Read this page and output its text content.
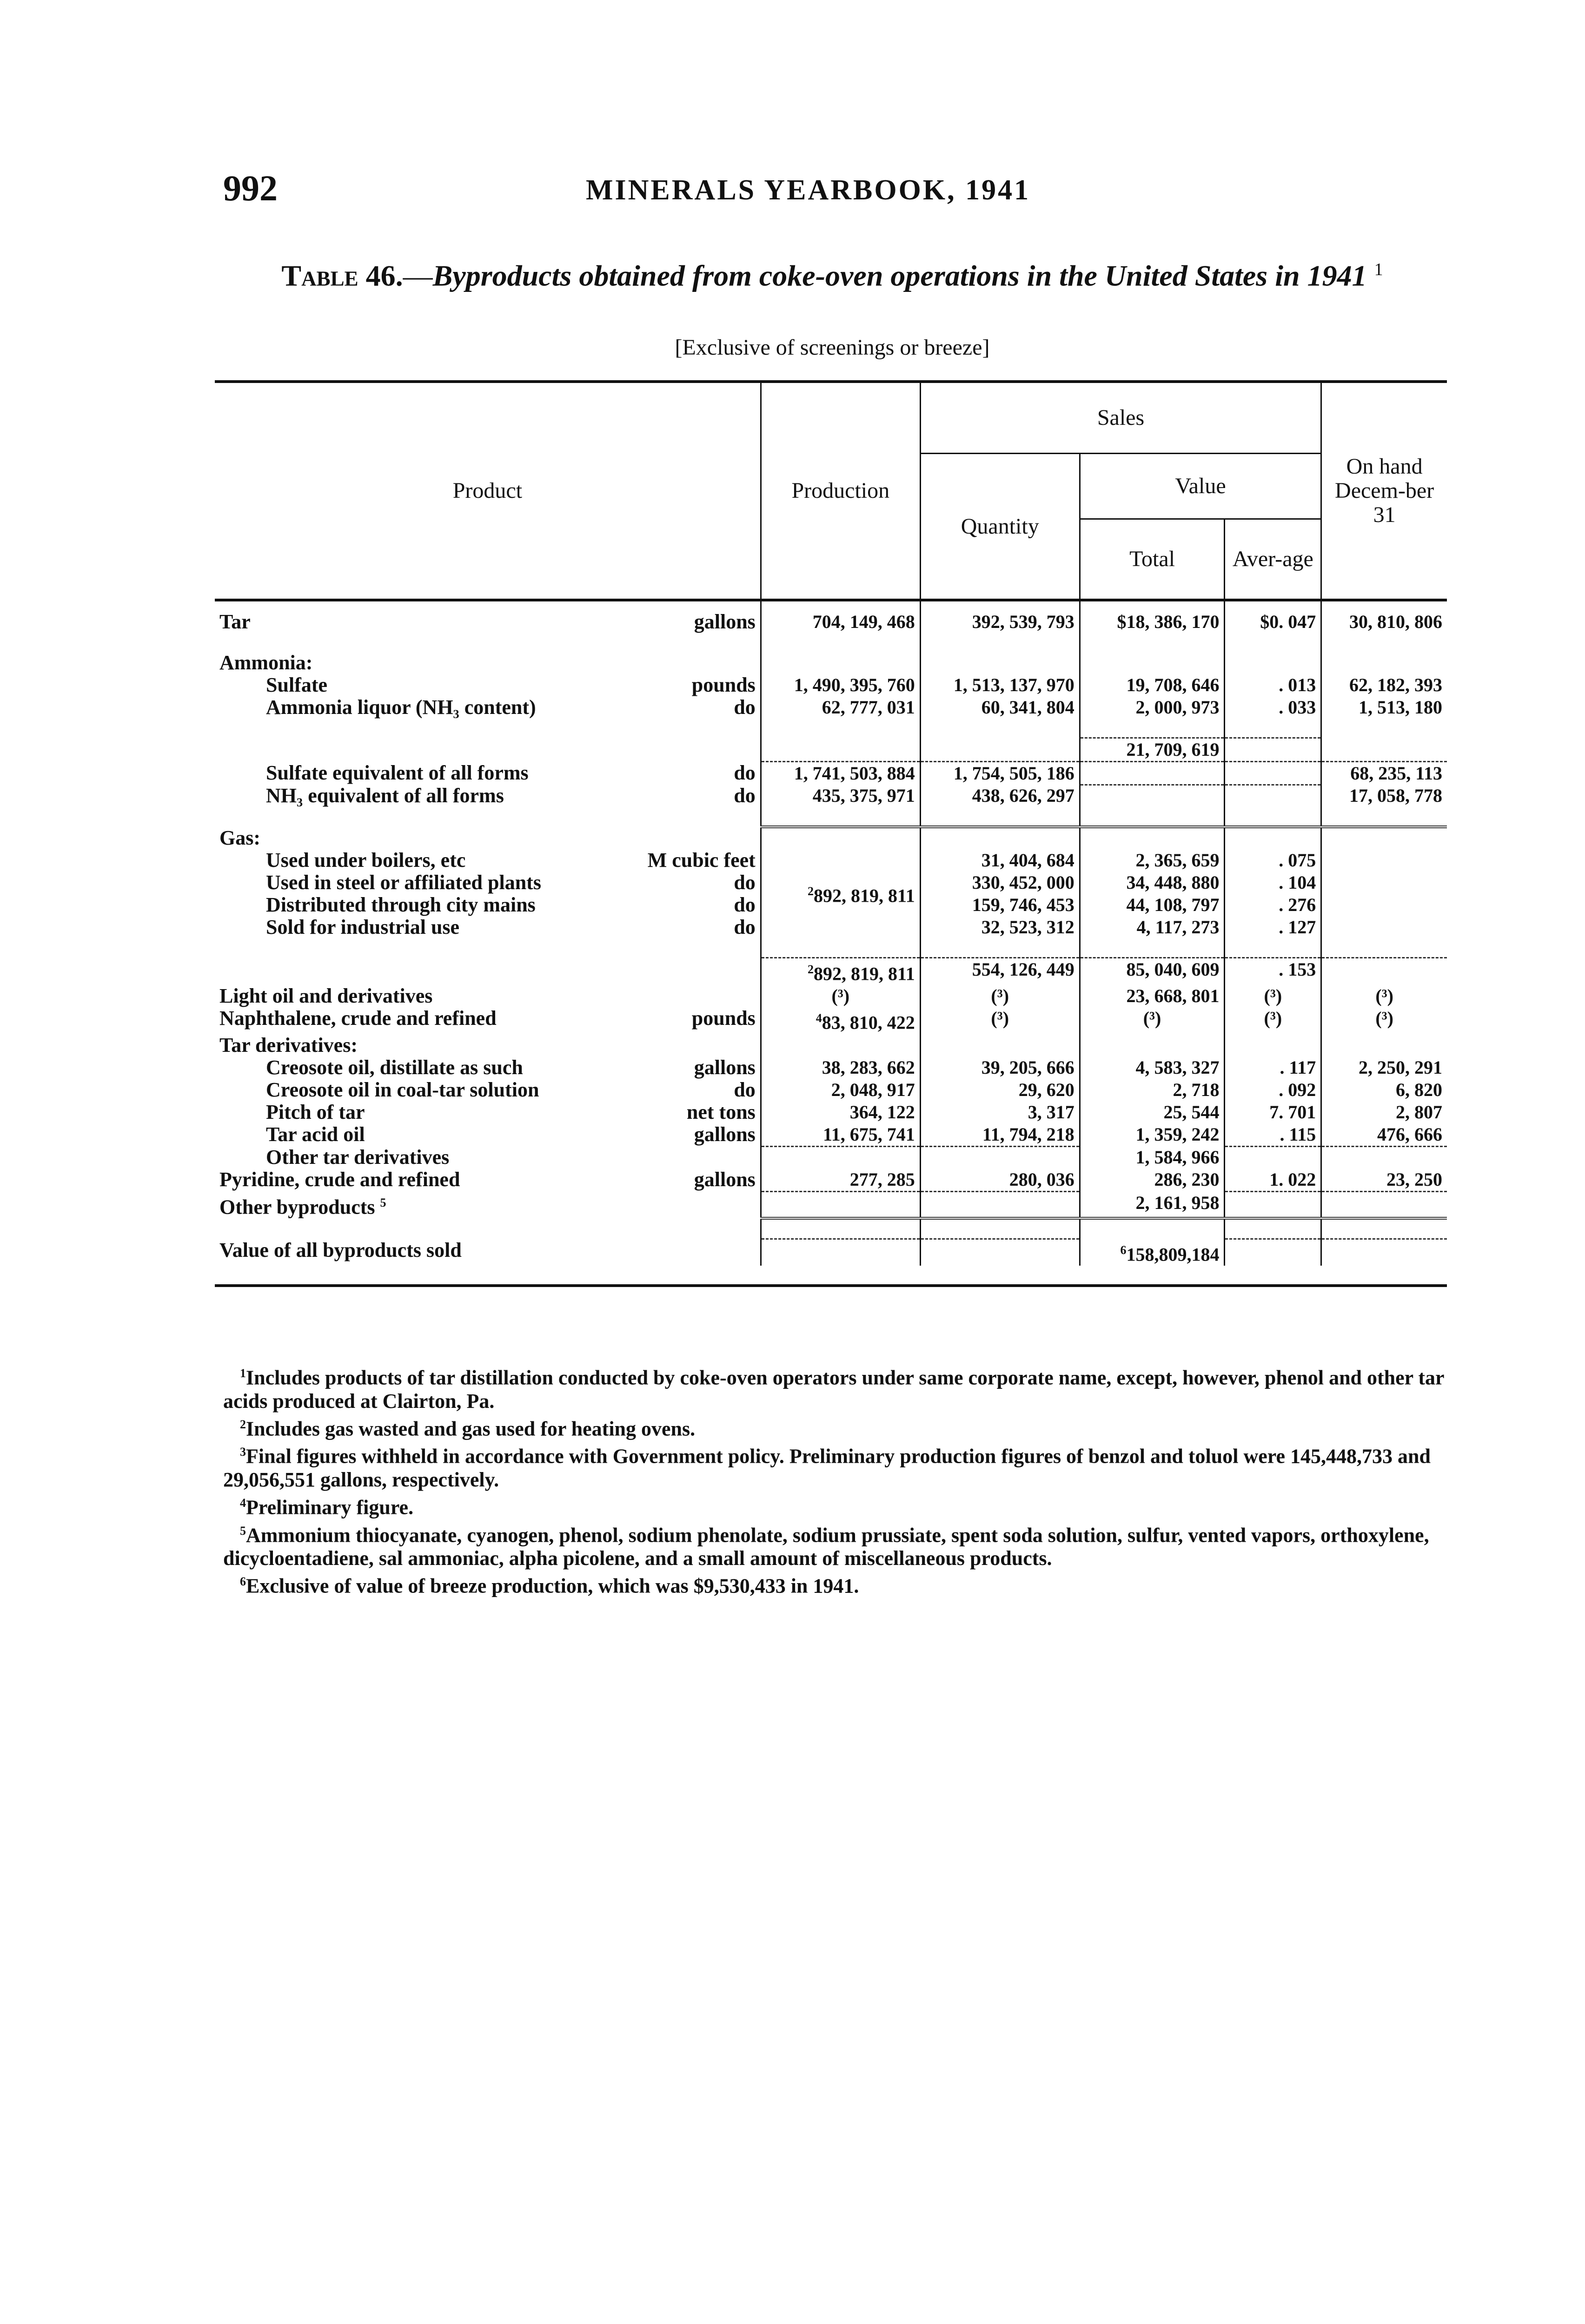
992	MINERALS YEARBOOK, 1941
Table 46.—Byproducts obtained from coke-oven operations in the United States in 1941 $^1$
[Exclusive of screenings or breeze]
Product	Production	Sales			On hand Decem-ber 31
		Quantity	Value		
			Total	Aver-age	

Tar gallons	704, 149, 468	392, 539, 793	$18, 386, 170	$0. 047	30, 810, 806

Ammonia:					
Sulfate pounds	1, 490, 395, 760	1, 513, 137, 970	19, 708, 646	. 013	62, 182, 393
Ammonia liquor (NH₃ content) do	62, 777, 031	60, 341, 804	2, 000, 973	. 033	1, 513, 180

			21, 709, 619		
Sulfate equivalent of all forms do	1, 741, 503, 884	1, 754, 505, 186			68, 235, 113
NH₃ equivalent of all forms do	435, 375, 971	438, 626, 297			17, 058, 778

Gas:					
Used under boilers, etc M cubic feet	$^2$892, 819, 811	31, 404, 684	2, 365, 659	. 075	
Used in steel or affiliated plants do		330, 452, 000	34, 448, 880	. 104	
Distributed through city mains do		159, 746, 453	44, 108, 797	. 276	
Sold for industrial use do		32, 523, 312	4, 117, 273	. 127	

	$^2$892, 819, 811	554, 126, 449	85, 040, 609	. 153	
Light oil and derivatives	(³)	(³)	23, 668, 801	(³)	(³)
Naphthalene, crude and refined pounds	$^4$83, 810, 422	(³)	(³)	(³)	(³)
Tar derivatives:					
Creosote oil, distillate as such gallons	38, 283, 662	39, 205, 666	4, 583, 327	. 117	2, 250, 291
Creosote oil in coal-tar solution do	2, 048, 917	29, 620	2, 718	. 092	6, 820
Pitch of tar net tons	364, 122	3, 317	25, 544	7. 701	2, 807
Tar acid oil gallons	11, 675, 741	11, 794, 218	1, 359, 242	. 115	476, 666
Other tar derivatives			1, 584, 966		
Pyridine, crude and refined gallons	277, 285	280, 036	286, 230	1. 022	23, 250
Other byproducts $^5$			2, 161, 958		

Value of all byproducts sold			$^6$158,809,184		

$^1$Includes products of tar distillation conducted by coke-oven operators under same corporate name, except, however, phenol and other tar acids produced at Clairton, Pa.

$^2$Includes gas wasted and gas used for heating ovens.

$^3$Final figures withheld in accordance with Government policy. Preliminary production figures of benzol and toluol were 145,448,733 and 29,056,551 gallons, respectively.

$^4$Preliminary figure.

$^5$Ammonium thiocyanate, cyanogen, phenol, sodium phenolate, sodium prussiate, spent soda solution, sulfur, vented vapors, orthoxylene, dicycloentadiene, sal ammoniac, alpha picolene, and a small amount of miscellaneous products.

$^6$Exclusive of value of breeze production, which was $9,530,433 in 1941.
